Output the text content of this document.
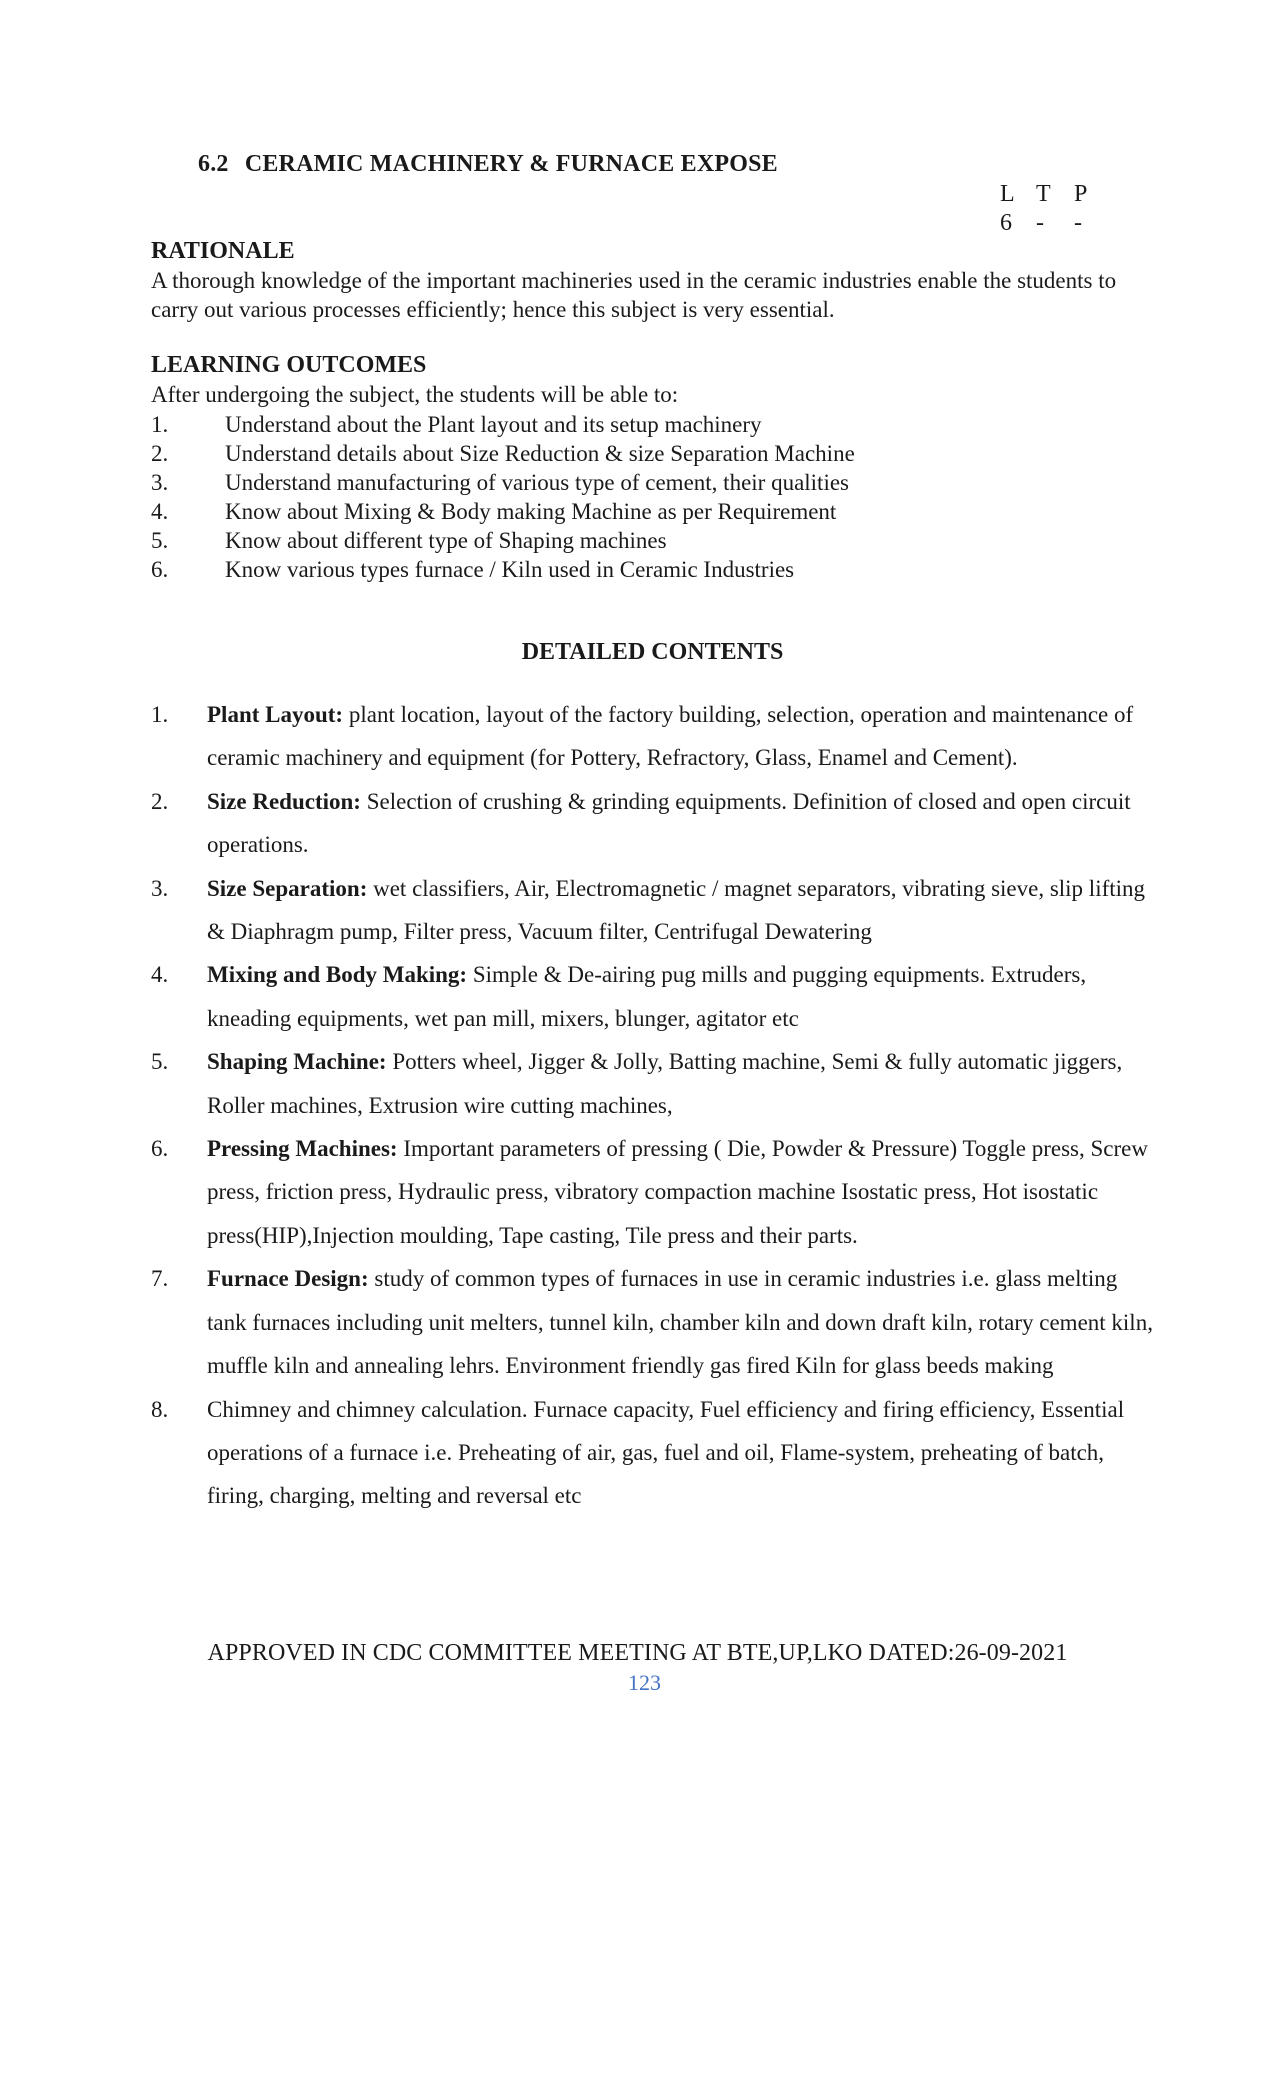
6.2 CERAMIC MACHINERY & FURNACE EXPOSE
L T P
6	-	-
RATIONALE
A thorough knowledge of the important machineries used in the ceramic industries enable the students to carry out various processes efficiently; hence this subject is very essential.
LEARNING OUTCOMES
After undergoing the subject, the students will be able to:
1.	Understand about the Plant layout and its setup machinery
2.	Understand details about Size Reduction & size Separation Machine
3.	Understand manufacturing of various type of cement, their qualities
4.	Know about Mixing & Body making Machine as per Requirement
5.	Know about different type of Shaping machines
6.	Know various types furnace / Kiln used in Ceramic Industries
DETAILED CONTENTS
1.	Plant Layout: plant location, layout of the factory building, selection, operation and maintenance of ceramic machinery and equipment (for Pottery, Refractory, Glass, Enamel and Cement).
2.	Size Reduction: Selection of crushing & grinding equipments. Definition of closed and open circuit operations.
3.	Size Separation: wet classifiers, Air, Electromagnetic / magnet separators, vibrating sieve, slip lifting & Diaphragm pump, Filter press, Vacuum filter, Centrifugal Dewatering
4.	Mixing and Body Making: Simple & De-airing pug mills and pugging equipments. Extruders, kneading equipments, wet pan mill, mixers, blunger, agitator etc
5.	Shaping Machine: Potters wheel, Jigger & Jolly, Batting machine, Semi & fully automatic jiggers, Roller machines, Extrusion wire cutting machines,
6.	Pressing Machines: Important parameters of pressing ( Die, Powder & Pressure) Toggle press, Screw press, friction press, Hydraulic press, vibratory compaction machine Isostatic press, Hot isostatic press(HIP),Injection moulding, Tape casting, Tile press and their parts.
7.	Furnace Design: study of common types of furnaces in use in ceramic industries i.e. glass melting tank furnaces including unit melters, tunnel kiln, chamber kiln and down draft kiln, rotary cement kiln, muffle kiln and annealing lehrs. Environment friendly gas fired Kiln for glass beeds making
8.	Chimney and chimney calculation. Furnace capacity, Fuel efficiency and firing efficiency, Essential operations of a furnace i.e. Preheating of air, gas, fuel and oil, Flame-system, preheating of batch, firing, charging, melting and reversal etc
APPROVED IN CDC COMMITTEE MEETING AT BTE,UP,LKO DATED:26-09-2021
123
